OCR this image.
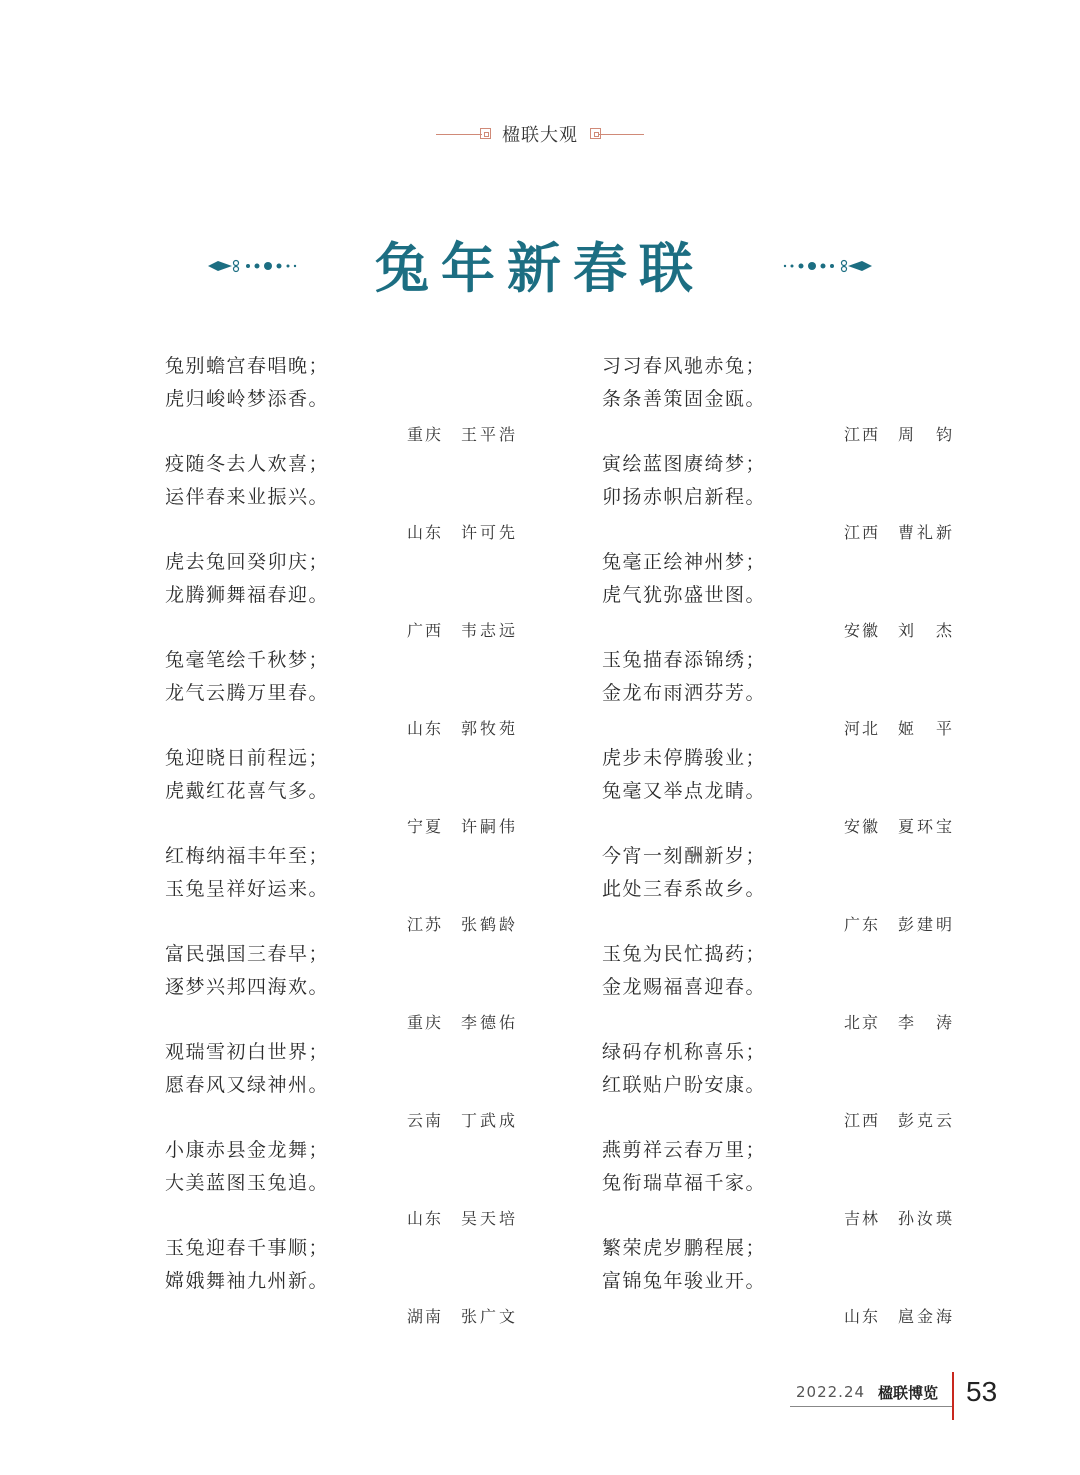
楹联大观
兔年新春联
兔别蟾宫春唱晚；
虎归峻岭梦添香。
重庆 王平浩
疫随冬去人欢喜；
运伴春来业振兴。
山东 许可先
虎去兔回癸卯庆；
龙腾狮舞福春迎。
广西 韦志远
兔毫笔绘千秋梦；
龙气云腾万里春。
山东 郭牧苑
兔迎晓日前程远；
虎戴红花喜气多。
宁夏 许嗣伟
红梅纳福丰年至；
玉兔呈祥好运来。
江苏 张鹤龄
富民强国三春早；
逐梦兴邦四海欢。
重庆 李德佑
观瑞雪初白世界；
愿春风又绿神州。
云南 丁武成
小康赤县金龙舞；
大美蓝图玉兔追。
山东 吴天培
玉兔迎春千事顺；
嫦娥舞袖九州新。
湖南 张广文
习习春风驰赤兔；
条条善策固金瓯。
江西 周　钧
寅绘蓝图赓绮梦；
卯扬赤帜启新程。
江西 曹礼新
兔毫正绘神州梦；
虎气犹弥盛世图。
安徽 刘　杰
玉兔描春添锦绣；
金龙布雨洒芬芳。
河北 姬　平
虎步未停腾骏业；
兔毫又举点龙睛。
安徽 夏环宝
今宵一刻酬新岁；
此处三春系故乡。
广东 彭建明
玉兔为民忙捣药；
金龙赐福喜迎春。
北京 李　涛
绿码存机称喜乐；
红联贴户盼安康。
江西 彭克云
燕剪祥云春万里；
兔衔瑞草福千家。
吉林 孙汝瑛
繁荣虎岁鹏程展；
富锦兔年骏业开。
山东 扈金海
2022.24 楹联博览 53
